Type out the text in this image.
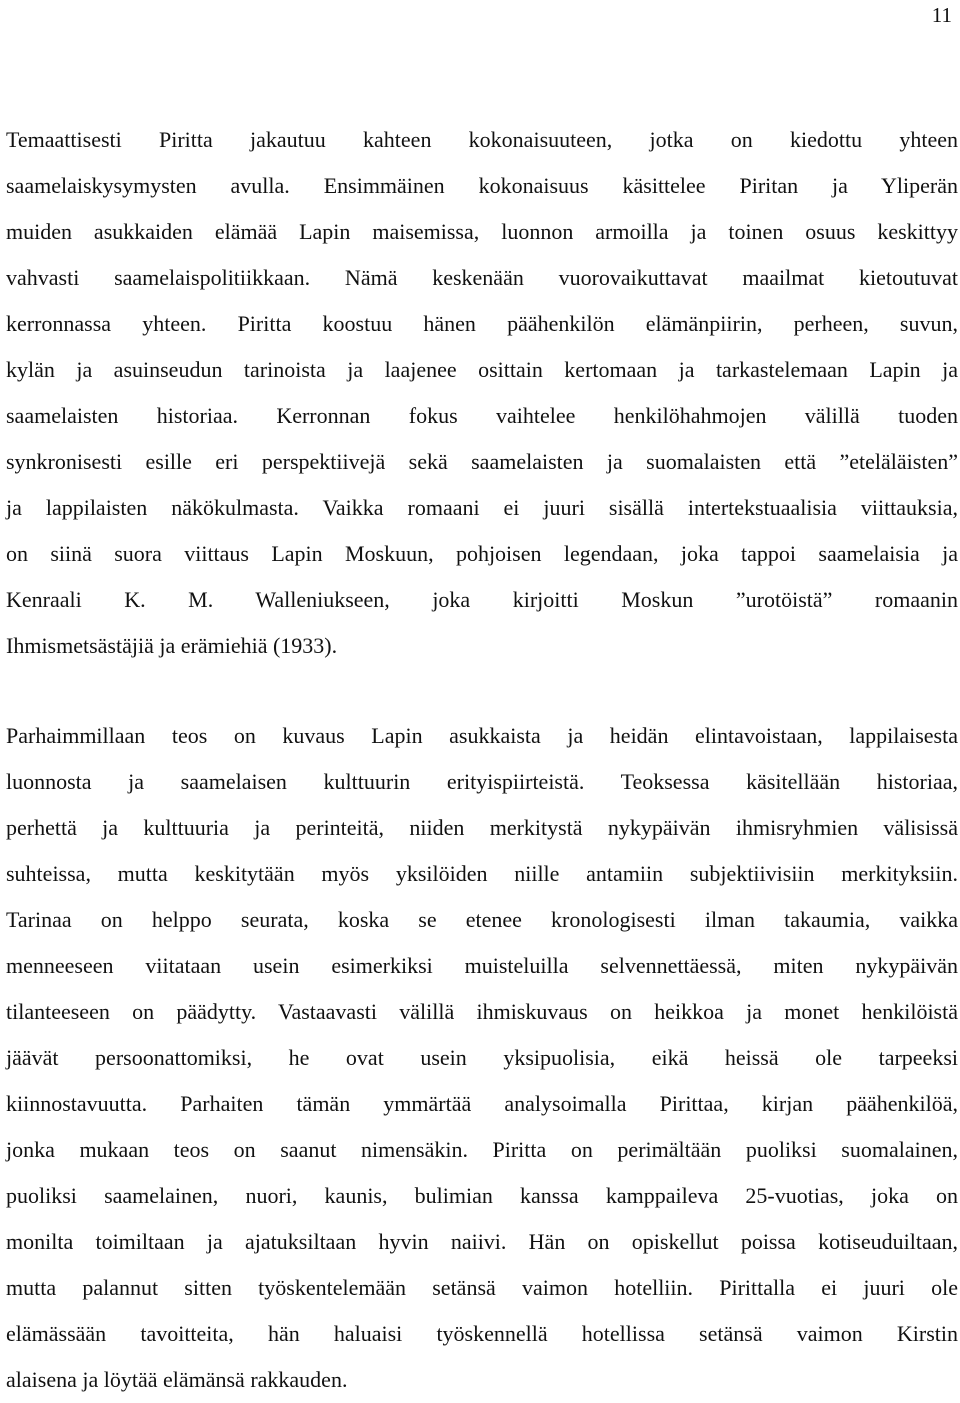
11
Temaattisesti Piritta jakautuu kahteen kokonaisuuteen, jotka on kiedottu yhteen
saamelaiskysymysten avulla. Ensimmäinen kokonaisuus käsittelee Piritan ja Yliperän
muiden asukkaiden elämää Lapin maisemissa, luonnon armoilla ja toinen osuus keskittyy
vahvasti saamelaispolitiikkaan. Nämä keskenään vuorovaikuttavat maailmat kietoutuvat
kerronnassa yhteen. Piritta koostuu hänen päähenkilön elämänpiirin, perheen, suvun,
kylän ja asuinseudun tarinoista ja laajenee osittain kertomaan ja tarkastelemaan Lapin ja
saamelaisten historiaa. Kerronnan fokus vaihtelee henkilöhahmojen välillä tuoden
synkronisesti esille eri perspektiivejä sekä saamelaisten ja suomalaisten että ”eteläläisten”
ja lappilaisten näkökulmasta. Vaikka romaani ei juuri sisällä intertekstuaalisia viittauksia,
on siinä suora viittaus Lapin Moskuun, pohjoisen legendaan, joka tappoi saamelaisia ja
Kenraali K. M. Walleniukseen, joka kirjoitti Moskun ”urotöistä” romaanin
Ihmismetsästäjiä ja erämiehiä (1933).
Parhaimmillaan teos on kuvaus Lapin asukkaista ja heidän elintavoistaan, lappilaisesta
luonnosta ja saamelaisen kulttuurin erityispiirteistä. Teoksessa käsitellään historiaa,
perhettä ja kulttuuria ja perinteitä, niiden merkitystä nykypäivän ihmisryhmien välisissä
suhteissa, mutta keskitytään myös yksilöiden niille antamiin subjektiivisiin merkityksiin.
Tarinaa on helppo seurata, koska se etenee kronologisesti ilman takaumia, vaikka
menneeseen viitataan usein esimerkiksi muisteluilla selvennettäessä, miten nykypäivän
tilanteeseen on päädytty. Vastaavasti välillä ihmiskuvaus on heikkoa ja monet henkilöistä
jäävät persoonattomiksi, he ovat usein yksipuolisia, eikä heissä ole tarpeeksi
kiinnostavuutta. Parhaiten tämän ymmärtää analysoimalla Pirittaa, kirjan päähenkilöä,
jonka mukaan teos on saanut nimensäkin. Piritta on perimältään puoliksi suomalainen,
puoliksi saamelainen, nuori, kaunis, bulimian kanssa kamppaileva 25-vuotias, joka on
monilta toimiltaan ja ajatuksiltaan hyvin naiivi. Hän on opiskellut poissa kotiseuduiltaan,
mutta palannut sitten työskentelemään setänsä vaimon hotelliin. Pirittalla ei juuri ole
elämässään tavoitteita, hän haluaisi työskennellä hotellissa setänsä vaimon Kirstin
alaisena ja löytää elämänsä rakkauden.
